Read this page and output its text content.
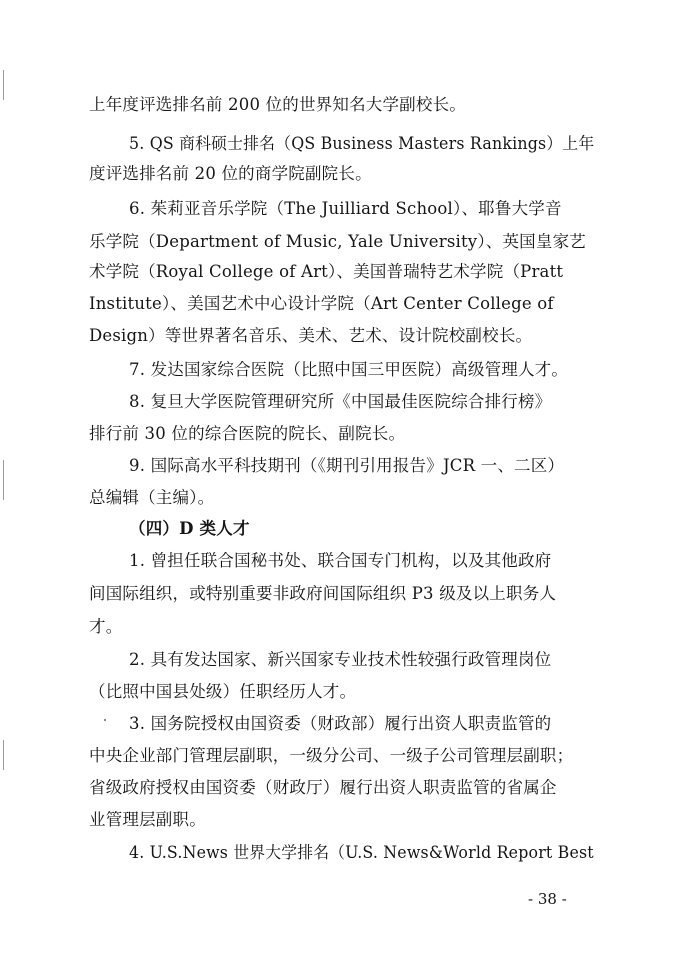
上年度评选排名前 200 位的世界知名大学副校长。
5. QS 商科硕士排名（QS Business Masters Rankings）上年
度评选排名前 20 位的商学院副院长。
6. 茱莉亚音乐学院（The Juilliard School）、耶鲁大学音
乐学院（Department of Music, Yale University）、英国皇家艺
术学院（Royal College of Art）、美国普瑞特艺术学院（Pratt
Institute）、美国艺术中心设计学院（Art Center College of
Design）等世界著名音乐、美术、艺术、设计院校副校长。
7. 发达国家综合医院（比照中国三甲医院）高级管理人才。
8. 复旦大学医院管理研究所《中国最佳医院综合排行榜》
排行前 30 位的综合医院的院长、副院长。
9. 国际高水平科技期刊（《期刊引用报告》JCR 一、二区）
总编辑（主编）。
（四）D 类人才
1. 曾担任联合国秘书处、联合国专门机构，以及其他政府
间国际组织，或特别重要非政府间国际组织 P3 级及以上职务人
才。
2. 具有发达国家、新兴国家专业技术性较强行政管理岗位
（比照中国县处级）任职经历人才。
3. 国务院授权由国资委（财政部）履行出资人职责监管的
中央企业部门管理层副职，一级分公司、一级子公司管理层副职；
省级政府授权由国资委（财政厅）履行出资人职责监管的省属企
业管理层副职。
4. U.S.News 世界大学排名（U.S. News&World Report Best
- 38 -
